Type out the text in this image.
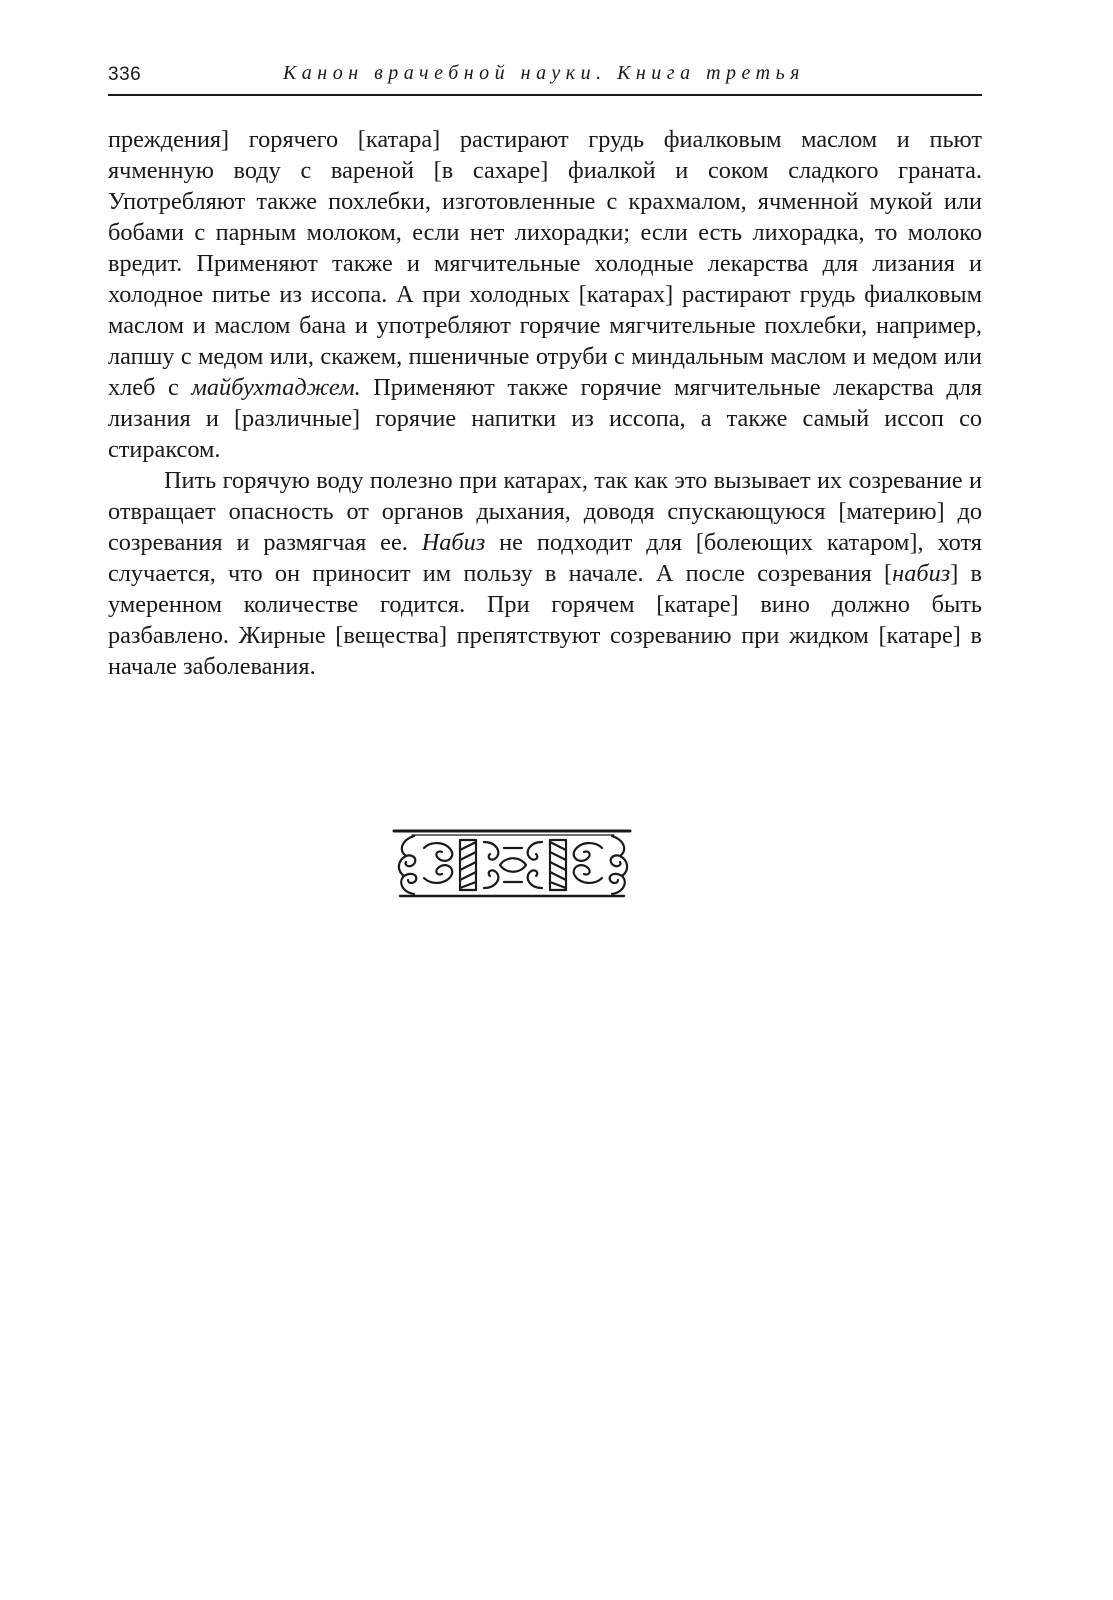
336	Канон врачебной науки. Книга третья

преждения] горячего [катара] растирают грудь фиалковым маслом и пьют ячменную воду с вареной [в сахаре] фиалкой и соком сладкого граната. Употребляют также похлебки, изготовленные с крахмалом, ячменной мукой или бобами с парным молоком, если нет лихорадки; если есть лихорадка, то молоко вредит. Применяют также и мягчительные холодные лекарства для лизания и холодное питье из иссопа. А при холодных [катарах] растирают грудь фиалковым маслом и маслом бана и употребляют горячие мягчительные похлебки, например, лапшу с медом или, скажем, пшеничные отруби с миндальным маслом и медом или хлеб с майбухтаджем. Применяют также горячие мягчительные лекарства для лизания и [различные] горячие напитки из иссопа, а также самый иссоп со стираксом.

Пить горячую воду полезно при катарах, так как это вызывает их созревание и отвращает опасность от органов дыхания, доводя спускающуюся [материю] до созревания и размягчая ее. Набиз не подходит для [болеющих катаром], хотя случается, что он приносит им пользу в начале. А после созревания [набиз] в умеренном количестве годится. При горячем [катаре] вино должно быть разбавлено. Жирные [вещества] препятствуют созреванию при жидком [катаре] в начале заболевания.
